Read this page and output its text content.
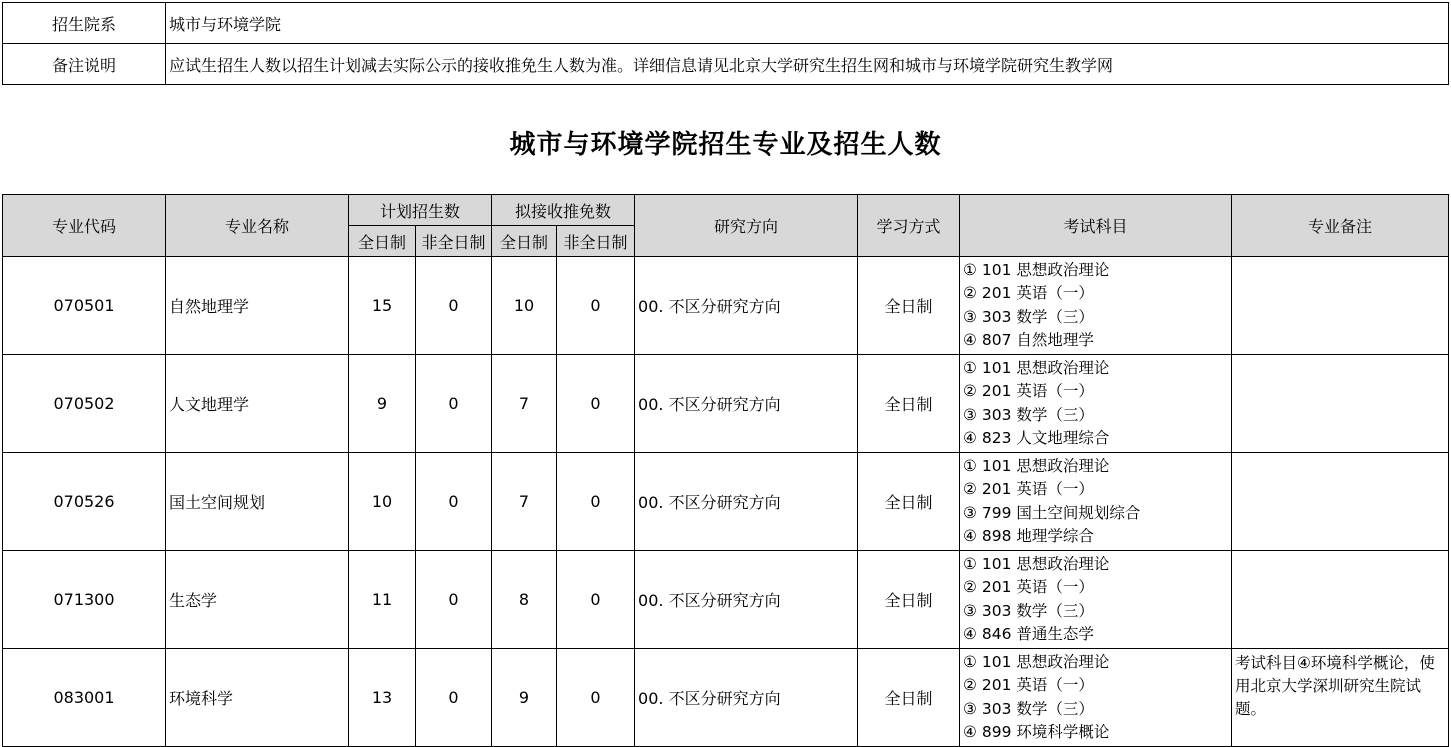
招生院系	城市与环境学院
备注说明	应试生招生人数以招生计划减去实际公示的接收推免生人数为准。详细信息请见北京大学研究生招生网和城市与环境学院研究生教学网
城市与环境学院招生专业及招生人数
专业代码	专业名称	计划招生数		拟接收推免数		研究方向	学习方式	考试科目	专业备注
		全日制	非全日制	全日制	非全日制				
070501	自然地理学	15	0	10	0	00. 不区分研究方向	全日制	① 101 思想政治理论
② 201 英语（一）
③ 303 数学（三）
④ 807 自然地理学	

070502	人文地理学	9	0	7	0	00. 不区分研究方向	全日制	① 101 思想政治理论
② 201 英语（一）
③ 303 数学（三）
④ 823 人文地理综合	

070526	国土空间规划	10	0	7	0	00. 不区分研究方向	全日制	① 101 思想政治理论
② 201 英语（一）
③ 799 国土空间规划综合
④ 898 地理学综合	

071300	生态学	11	0	8	0	00. 不区分研究方向	全日制	① 101 思想政治理论
② 201 英语（一）
③ 303 数学（三）
④ 846 普通生态学	

083001	环境科学	13	0	9	0	00. 不区分研究方向	全日制	① 101 思想政治理论
② 201 英语（一）
③ 303 数学（三）
④ 899 环境科学概论	考试科目④环境科学概论，使用北京大学深圳研究生院试题。
